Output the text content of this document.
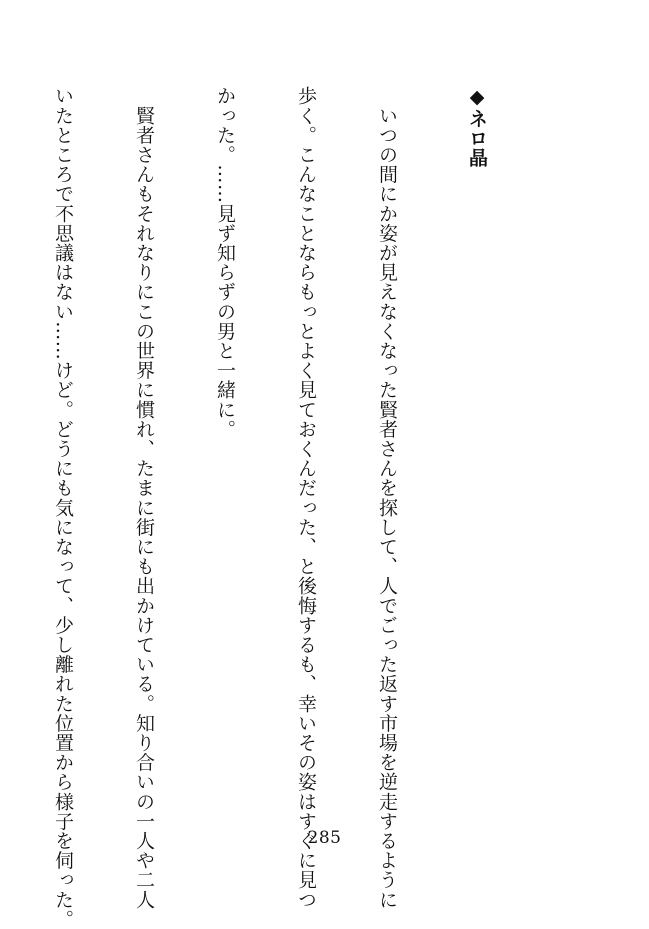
◆ネロ晶

　いつの間にか姿が見えなくなった賢者さんを探して、人でごった返す市場を逆走するように

歩く。こんなことならもっとよく見ておくんだった、と後悔するも、幸いその姿はすぐに見つ

かった。……見ず知らずの男と一緒に。

　賢者さんもそれなりにこの世界に慣れ、たまに街にも出かけている。知り合いの一人や二人

いたところで不思議はない……けど。どうにも気になって、少し離れた位置から様子を伺った。

	285
